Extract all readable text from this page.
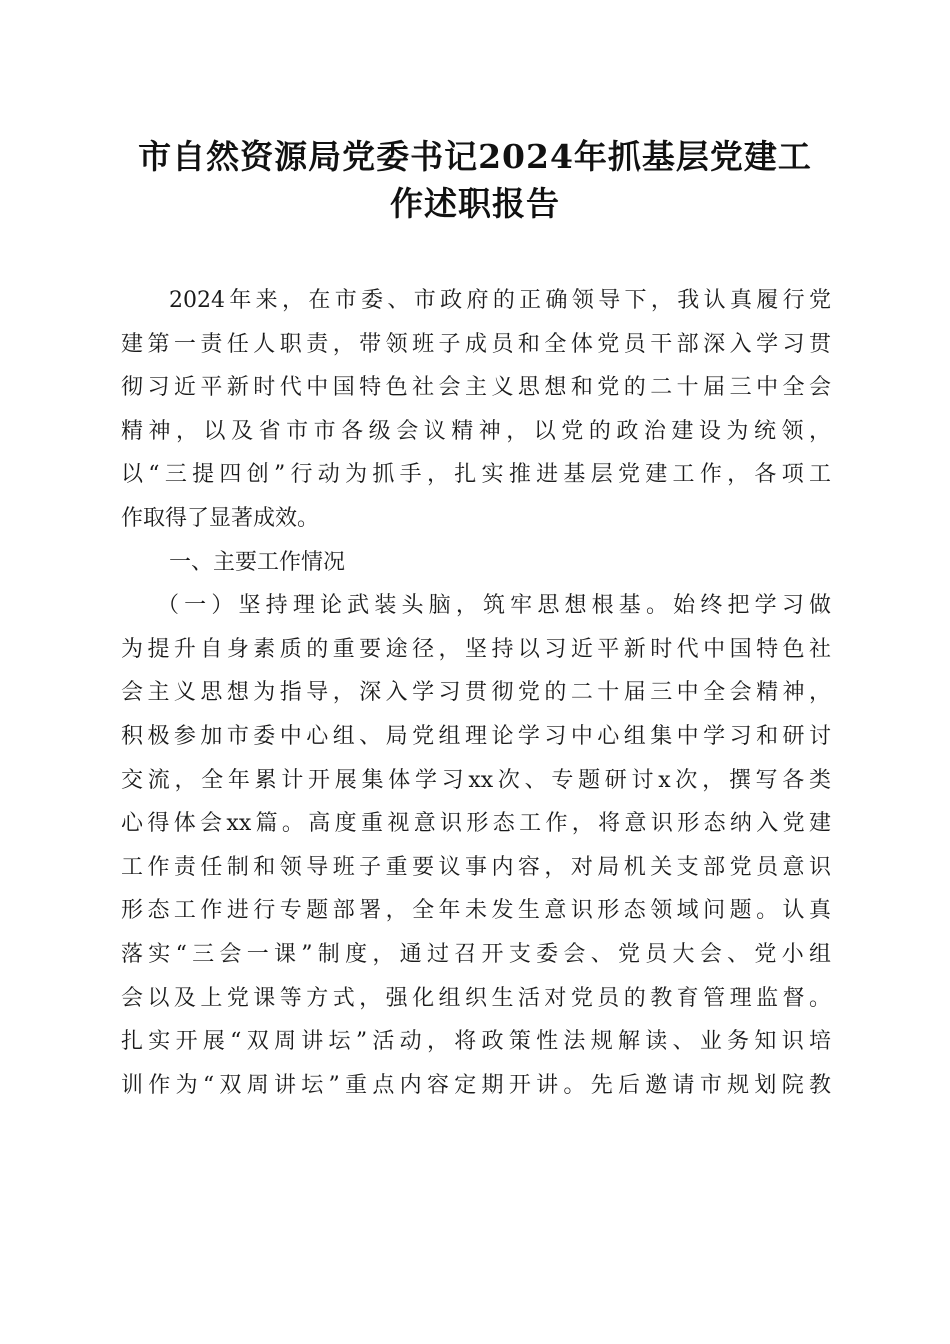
市自然资源局党委书记2024年抓基层党建工
作述职报告
2024年来，在市委、市政府的正确领导下，我认真履行党
建第一责任人职责，带领班子成员和全体党员干部深入学习贯
彻习近平新时代中国特色社会主义思想和党的二十届三中全会
精神，以及省市市各级会议精神，以党的政治建设为统领，
以“三提四创”行动为抓手，扎实推进基层党建工作，各项工
作取得了显著成效。
一、主要工作情况
（一）坚持理论武装头脑，筑牢思想根基。始终把学习做
为提升自身素质的重要途径，坚持以习近平新时代中国特色社
会主义思想为指导，深入学习贯彻党的二十届三中全会精神，
积极参加市委中心组、局党组理论学习中心组集中学习和研讨
交流，全年累计开展集体学习xx次、专题研讨x次，撰写各类
心得体会xx篇。高度重视意识形态工作，将意识形态纳入党建
工作责任制和领导班子重要议事内容，对局机关支部党员意识
形态工作进行专题部署，全年未发生意识形态领域问题。认真
落实“三会一课”制度，通过召开支委会、党员大会、党小组
会以及上党课等方式，强化组织生活对党员的教育管理监督。
扎实开展“双周讲坛”活动，将政策性法规解读、业务知识培
训作为“双周讲坛”重点内容定期开讲。先后邀请市规划院教
